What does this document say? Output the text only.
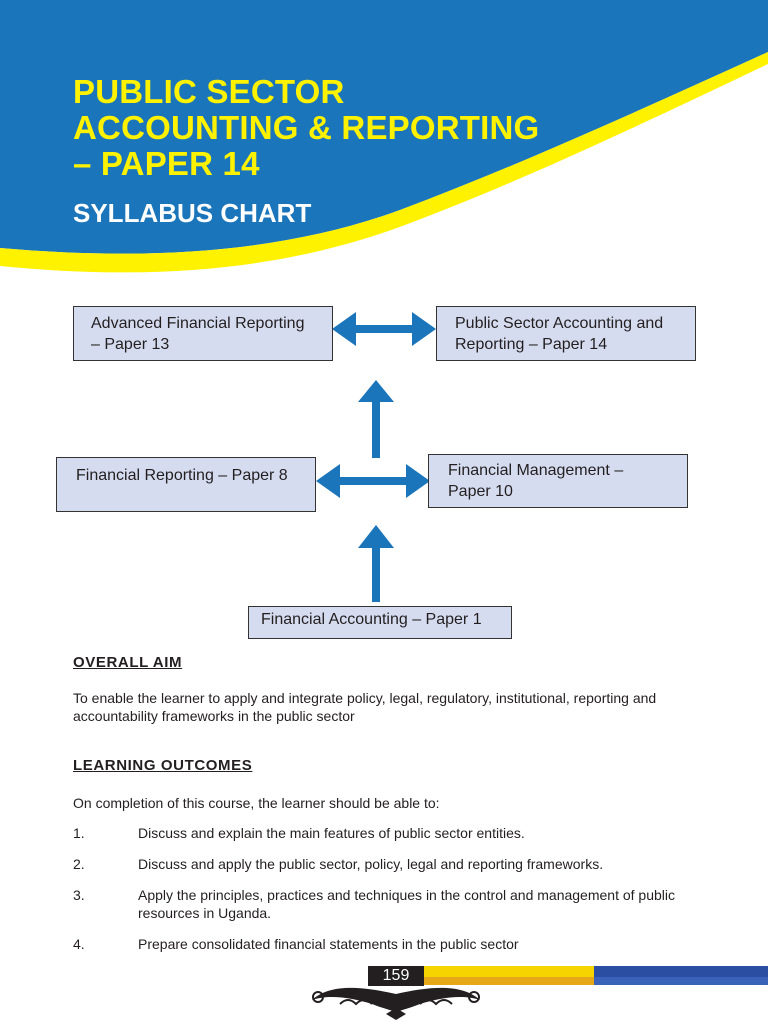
PUBLIC SECTOR
ACCOUNTING & REPORTING
– PAPER 14
SYLLABUS CHART
Advanced Financial Reporting
– Paper 13
Public Sector Accounting and
Reporting – Paper 14
Financial Reporting – Paper 8	Financial Management –
Paper 10
Financial Accounting – Paper 1
OVERALL AIM
To enable the learner to apply and integrate policy, legal, regulatory, institutional, reporting and accountability frameworks in the public sector
LEARNING OUTCOMES
On completion of this course, the learner should be able to:
1.	Discuss and explain the main features of public sector entities.
2.	Discuss and apply the public sector, policy, legal and reporting frameworks.
3.	Apply the principles, practices and techniques in the control and management of public resources in Uganda.
4.	Prepare consolidated financial statements in the public sector
159
